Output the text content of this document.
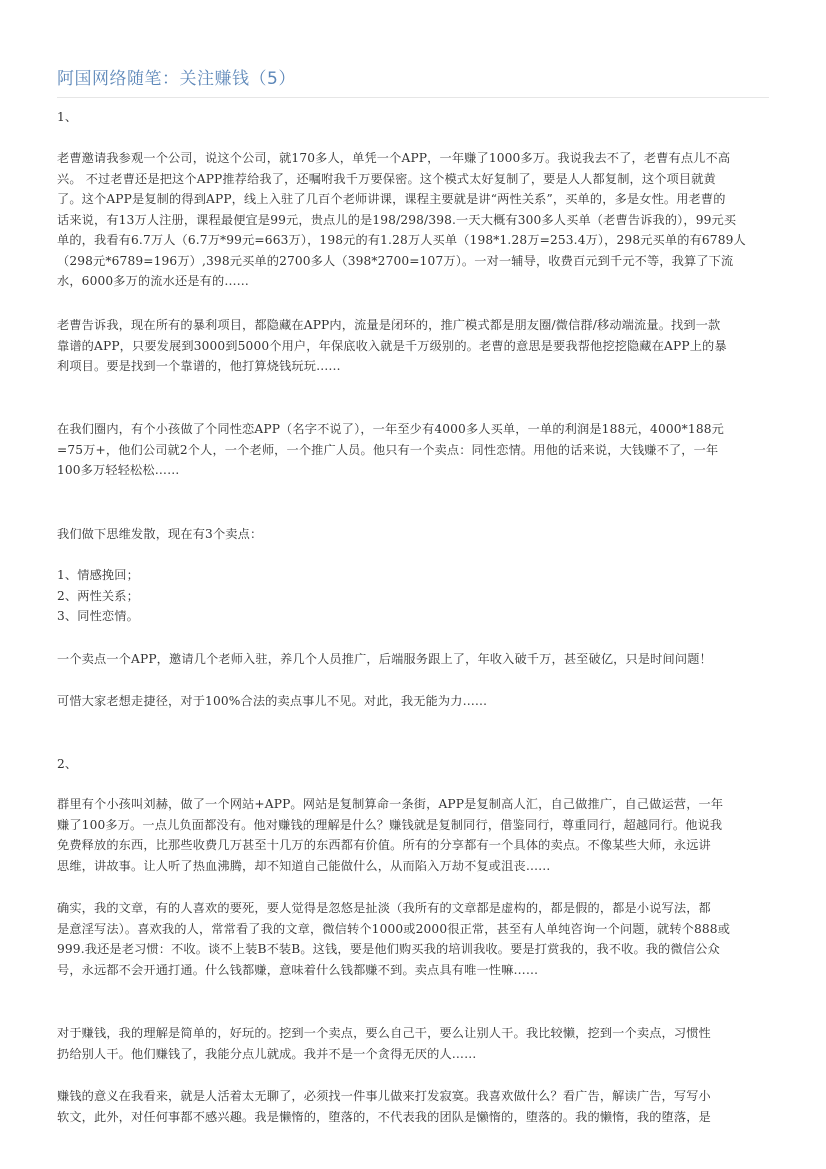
阿国网络随笔：关注赚钱（5）
1、
老曹邀请我参观一个公司，说这个公司，就170多人，单凭一个APP，一年赚了1000多万。我说我去不了，老曹有点儿不高
兴。 不过老曹还是把这个APP推荐给我了，还嘱咐我千万要保密。这个模式太好复制了，要是人人都复制，这个项目就黄
了。这个APP是复制的得到APP，线上入驻了几百个老师讲课，课程主要就是讲“两性关系”，买单的，多是女性。用老曹的
话来说，有13万人注册，课程最便宜是99元，贵点儿的是198/298/398.一天大概有300多人买单（老曹告诉我的），99元买
单的，我看有6.7万人（6.7万*99元=663万），198元的有1.28万人买单（198*1.28万=253.4万），298元买单的有6789人
（298元*6789=196万）,398元买单的2700多人（398*2700=107万）。一对一辅导，收费百元到千元不等，我算了下流
水，6000多万的流水还是有的……
老曹告诉我，现在所有的暴利项目，都隐藏在APP内，流量是闭环的，推广模式都是朋友圈/微信群/移动端流量。找到一款
靠谱的APP，只要发展到3000到5000个用户，年保底收入就是千万级别的。老曹的意思是要我帮他挖挖隐藏在APP上的暴
利项目。要是找到一个靠谱的，他打算烧钱玩玩……
在我们圈内，有个小孩做了个同性恋APP（名字不说了），一年至少有4000多人买单，一单的利润是188元，4000*188元
=75万+，他们公司就2个人，一个老师，一个推广人员。他只有一个卖点：同性恋情。用他的话来说，大钱赚不了，一年
100多万轻轻松松……
我们做下思维发散，现在有3个卖点：
1、情感挽回；
2、两性关系；
3、同性恋情。
一个卖点一个APP，邀请几个老师入驻，养几个人员推广，后端服务跟上了，年收入破千万，甚至破亿，只是时间问题！
可惜大家老想走捷径，对于100%合法的卖点事儿不见。对此，我无能为力……
2、
群里有个小孩叫刘赫，做了一个网站+APP。网站是复制算命一条街，APP是复制高人汇，自己做推广，自己做运营，一年
赚了100多万。一点儿负面都没有。他对赚钱的理解是什么？赚钱就是复制同行，借鉴同行，尊重同行，超越同行。他说我
免费释放的东西，比那些收费几万甚至十几万的东西都有价值。所有的分享都有一个具体的卖点。不像某些大师，永远讲
思维，讲故事。让人听了热血沸腾，却不知道自己能做什么，从而陷入万劫不复或沮丧……
确实，我的文章，有的人喜欢的要死，要人觉得是忽悠是扯淡（我所有的文章都是虚构的，都是假的，都是小说写法，都
是意淫写法）。喜欢我的人，常常看了我的文章，微信转个1000或2000很正常，甚至有人单纯咨询一个问题，就转个888或
999.我还是老习惯：不收。谈不上装B不装B。这钱，要是他们购买我的培训我收。要是打赏我的，我不收。我的微信公众
号，永远都不会开通打通。什么钱都赚，意味着什么钱都赚不到。卖点具有唯一性嘛……
对于赚钱，我的理解是简单的，好玩的。挖到一个卖点，要么自己干，要么让别人干。我比较懒，挖到一个卖点，习惯性
扔给别人干。他们赚钱了，我能分点儿就成。我并不是一个贪得无厌的人……
赚钱的意义在我看来，就是人活着太无聊了，必须找一件事儿做来打发寂寞。我喜欢做什么？看广告，解读广告，写写小
软文，此外，对任何事都不感兴趣。我是懒惰的，堕落的，不代表我的团队是懒惰的，堕落的。我的懒惰，我的堕落，是
